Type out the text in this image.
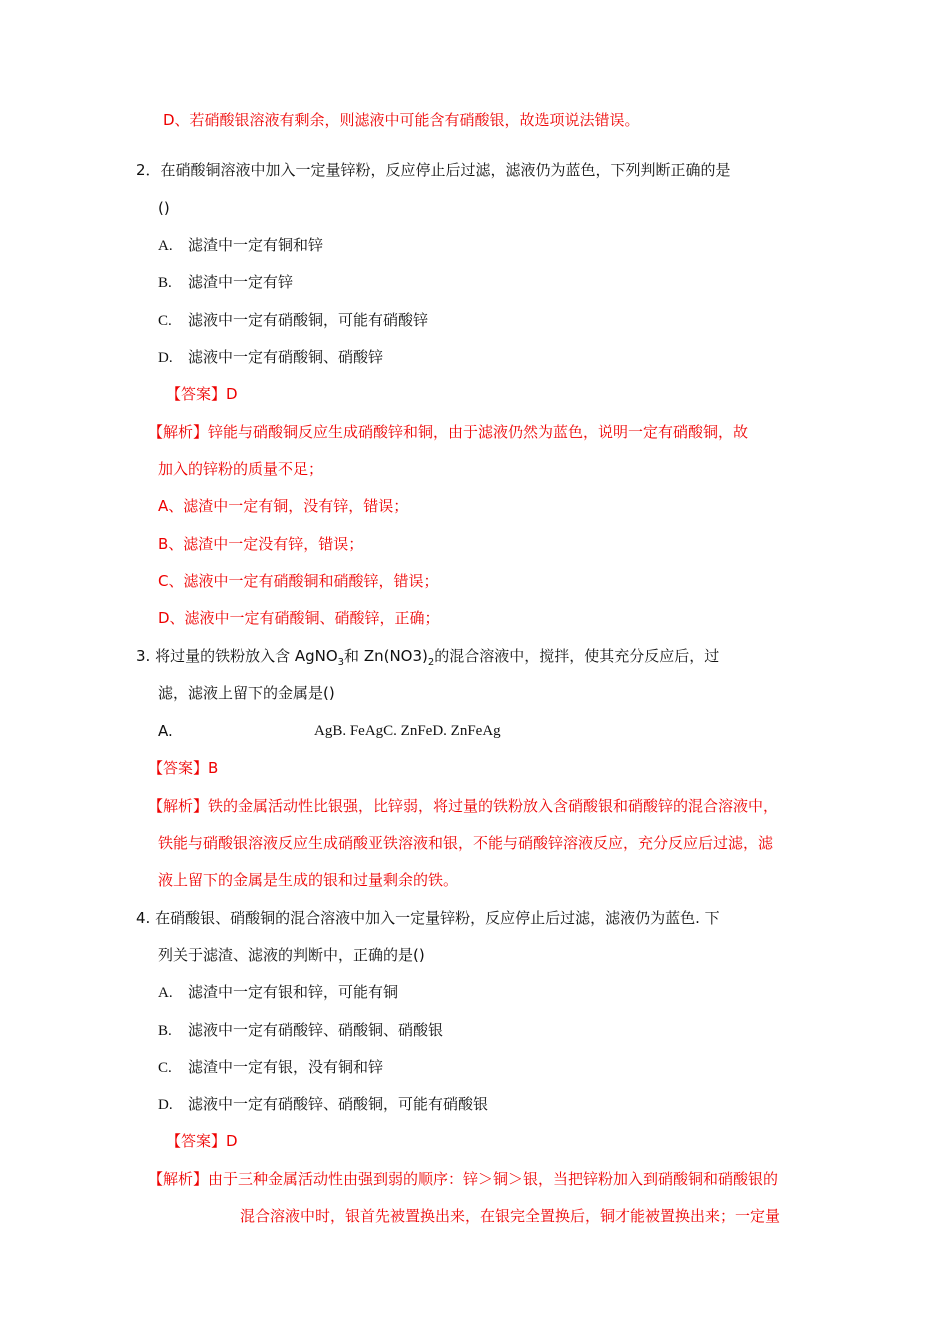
D、若硝酸银溶液有剩余，则滤液中可能含有硝酸银，故选项说法错误。
2．在硝酸铜溶液中加入一定量锌粉，反应停止后过滤，滤液仍为蓝色，下列判断正确的是
()
A. 滤渣中一定有铜和锌
B. 滤渣中一定有锌
C. 滤液中一定有硝酸铜，可能有硝酸锌
D. 滤液中一定有硝酸铜、硝酸锌
【答案】D
【解析】锌能与硝酸铜反应生成硝酸锌和铜，由于滤液仍然为蓝色，说明一定有硝酸铜，故
加入的锌粉的质量不足；
A、滤渣中一定有铜，没有锌，错误；
B、滤渣中一定没有锌，错误；
C、滤液中一定有硝酸铜和硝酸锌，错误；
D、滤液中一定有硝酸铜、硝酸锌，正确；
3. 将过量的铁粉放入含 AgNO$_3$和 $Zn(NO3)_2$的混合溶液中，搅拌，使其充分反应后，过
滤，滤液上留下的金属是()
A.	AgB. FeAgC. ZnFeD. ZnFeAg
【答案】B
【解析】铁的金属活动性比银强，比锌弱，将过量的铁粉放入含硝酸银和硝酸锌的混合溶液中，
铁能与硝酸银溶液反应生成硝酸亚铁溶液和银，不能与硝酸锌溶液反应，充分反应后过滤，滤
液上留下的金属是生成的银和过量剩余的铁。
4. 在硝酸银、硝酸铜的混合溶液中加入一定量锌粉，反应停止后过滤，滤液仍为蓝色. 下
列关于滤渣、滤液的判断中，正确的是()
A. 滤渣中一定有银和锌，可能有铜
B. 滤液中一定有硝酸锌、硝酸铜、硝酸银
C. 滤渣中一定有银，没有铜和锌
D. 滤液中一定有硝酸锌、硝酸铜，可能有硝酸银
【答案】D
【解析】由于三种金属活动性由强到弱的顺序：锌＞铜＞银，当把锌粉加入到硝酸铜和硝酸银的
混合溶液中时，银首先被置换出来，在银完全置换后，铜才能被置换出来；一定量
